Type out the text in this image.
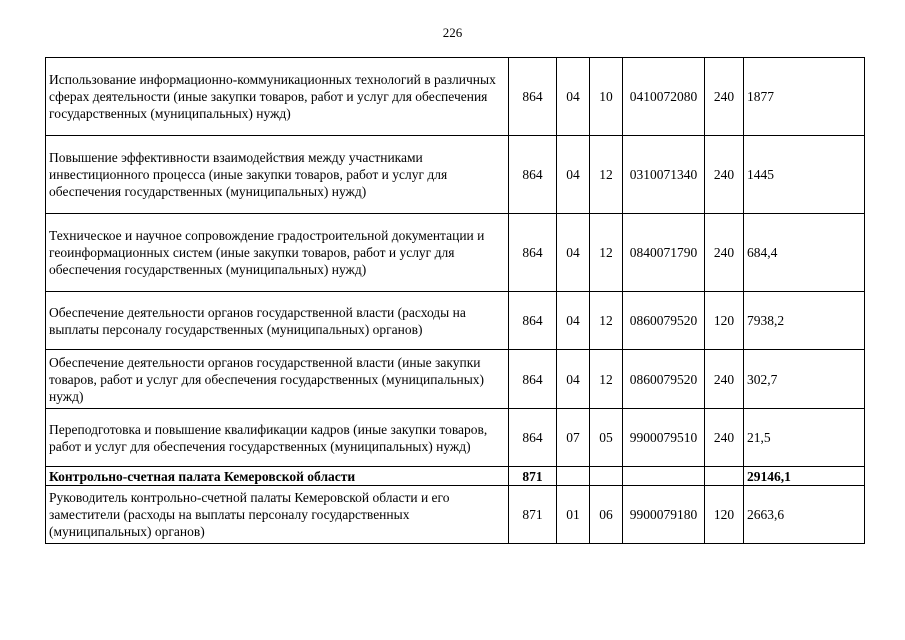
226
Использование информационно-коммуникационных технологий в различных сферах деятельности (иные закупки товаров, работ и услуг для обеспечения государственных (муниципальных) нужд)	864	04	10	0410072080	240	1877
Повышение эффективности взаимодействия между участниками инвестиционного процесса (иные закупки товаров, работ и услуг для обеспечения государственных (муниципальных) нужд)	864	04	12	0310071340	240	1445
Техническое и научное сопровождение градостроительной документации и геоинформационных систем (иные закупки товаров, работ и услуг для обеспечения государственных (муниципальных) нужд)	864	04	12	0840071790	240	684,4
Обеспечение деятельности органов государственной власти (расходы на выплаты персоналу государственных (муниципальных) органов)	864	04	12	0860079520	120	7938,2
Обеспечение деятельности органов государственной власти (иные закупки товаров, работ и услуг для обеспечения государственных (муниципальных) нужд)	864	04	12	0860079520	240	302,7
Переподготовка и повышение квалификации кадров (иные закупки товаров, работ и услуг для обеспечения государственных (муниципальных) нужд)	864	07	05	9900079510	240	21,5
Контрольно-счетная палата Кемеровской области	871					29146,1
Руководитель контрольно-счетной палаты Кемеровской области и его заместители (расходы на выплаты персоналу государственных (муниципальных) органов)	871	01	06	9900079180	120	2663,6
